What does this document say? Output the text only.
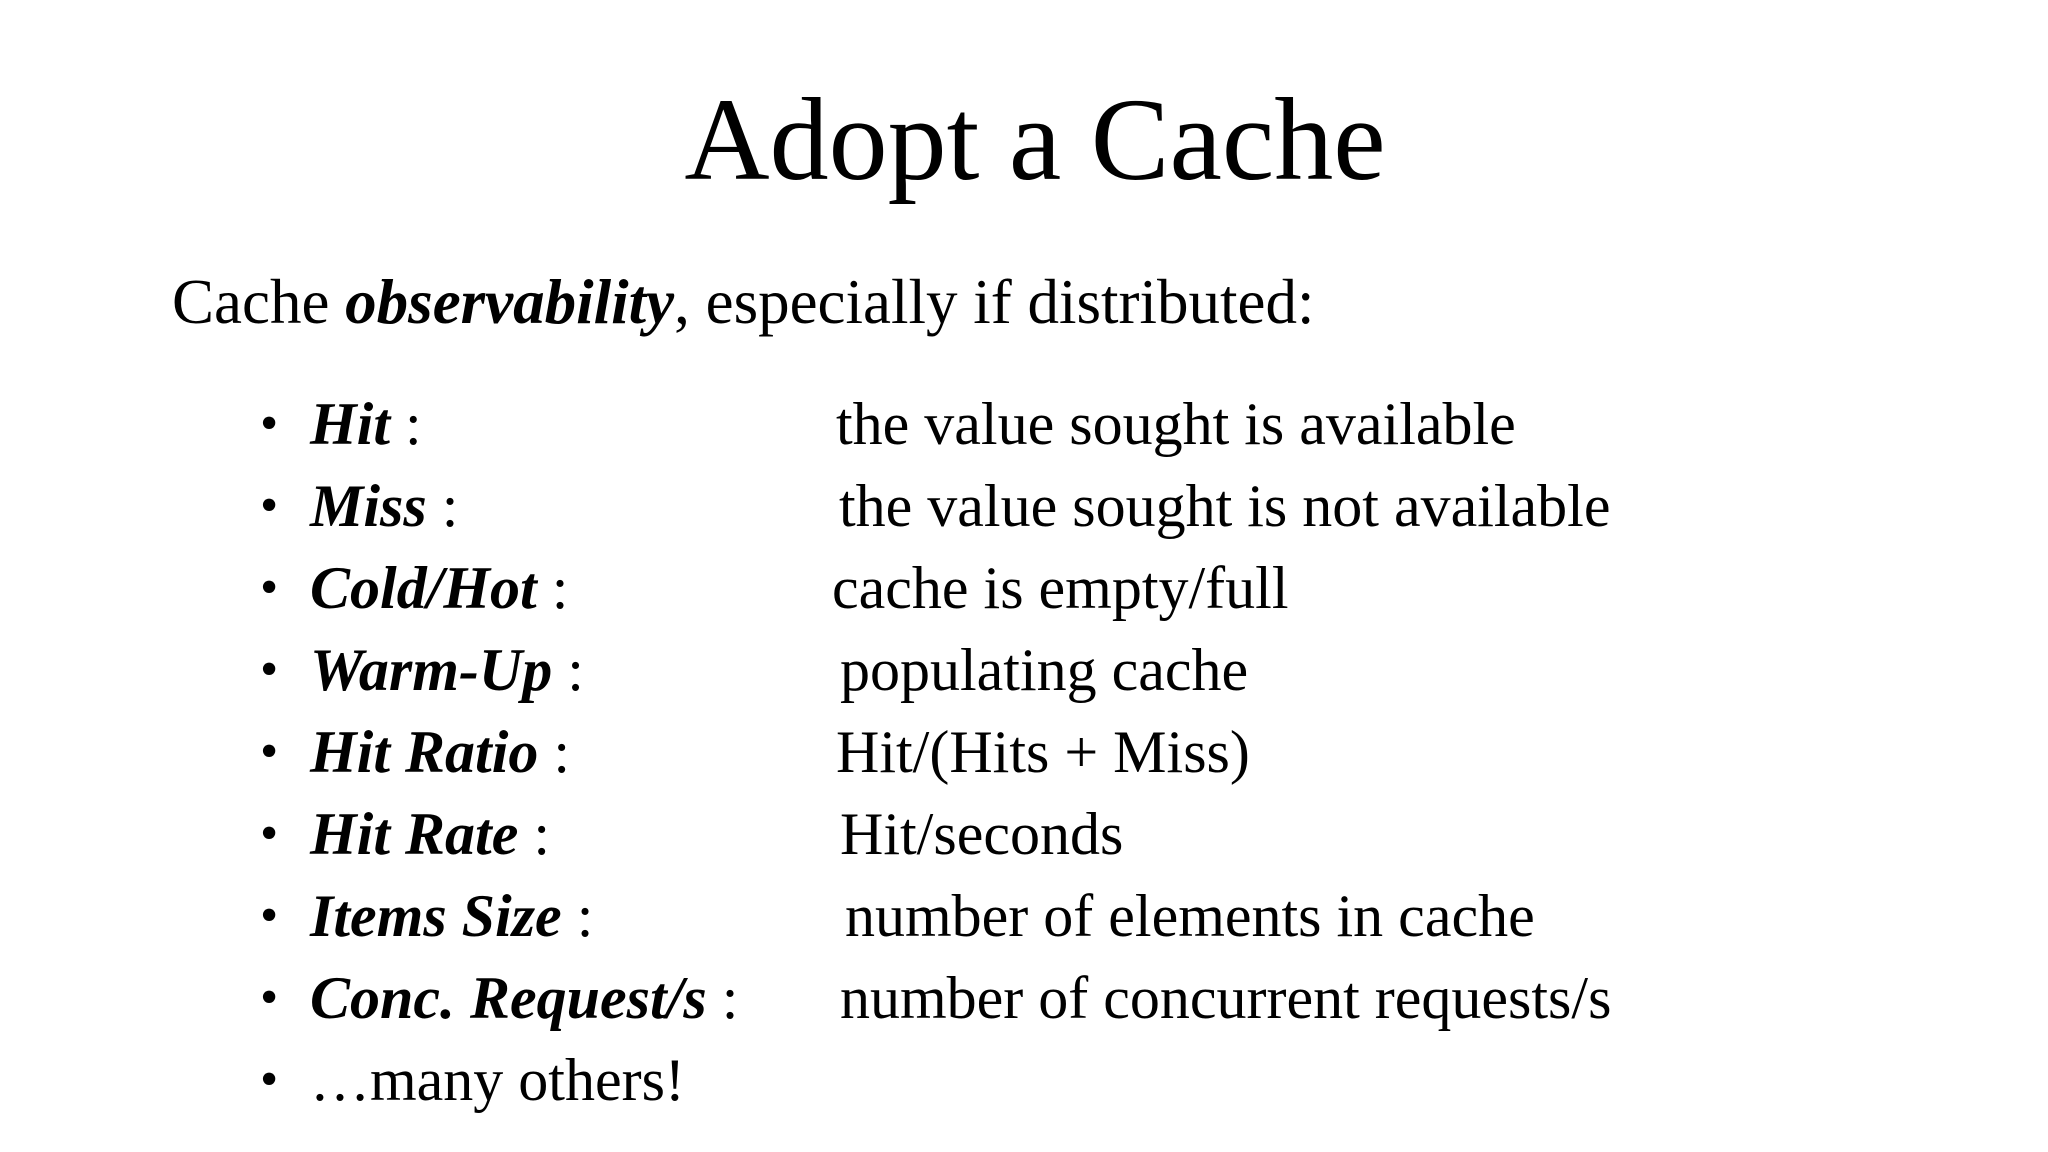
Adopt a Cache
Cache observability, especially if distributed:
• Hit :	the value sought is available
• Miss :	the value sought is not available
• Cold/Hot :	cache is empty/full
• Warm-Up :	populating cache
• Hit Ratio :	Hit/(Hits + Miss)
• Hit Rate :	Hit/seconds
• Items Size :	number of elements in cache
• Conc. Request/s : number of concurrent requests/s
• …many others!
